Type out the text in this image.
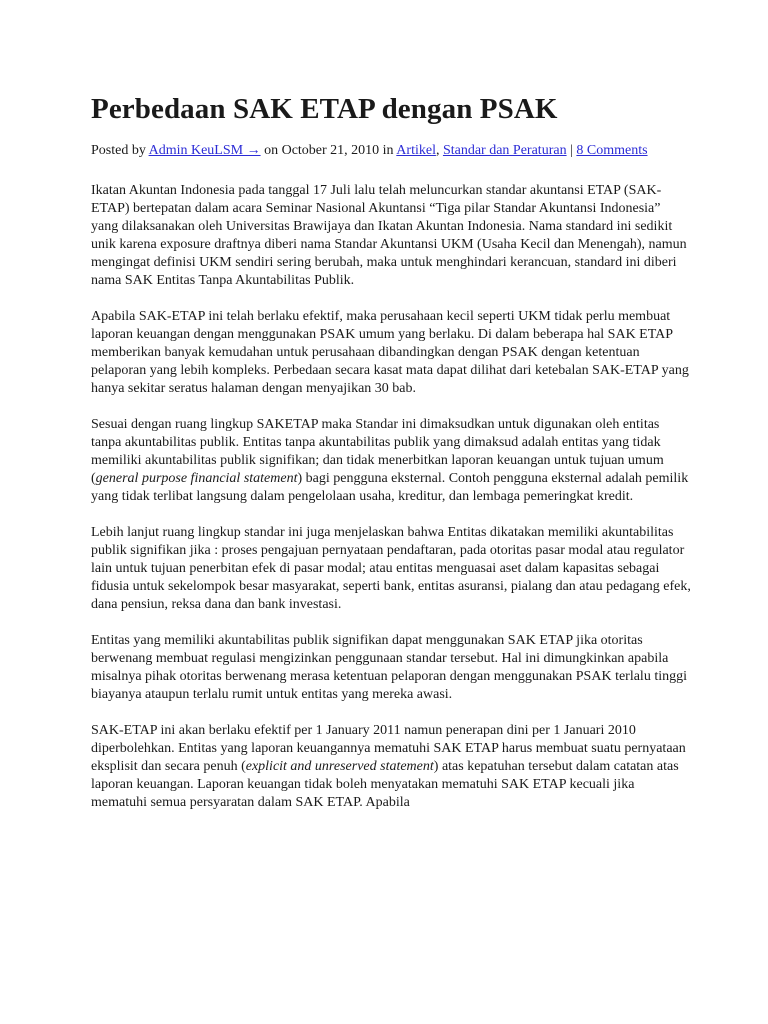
Perbedaan SAK ETAP dengan PSAK
Posted by Admin KeuLSM → on October 21, 2010 in Artikel, Standar dan Peraturan | 8 Comments

Ikatan Akuntan Indonesia pada tanggal 17 Juli lalu telah meluncurkan standar akuntansi ETAP (SAK-ETAP) bertepatan dalam acara Seminar Nasional Akuntansi “Tiga pilar Standar Akuntansi Indonesia” yang dilaksanakan oleh Universitas Brawijaya dan Ikatan Akuntan Indonesia. Nama standard ini sedikit unik karena exposure draftnya diberi nama Standar Akuntansi UKM (Usaha Kecil dan Menengah), namun mengingat definisi UKM sendiri sering berubah, maka untuk menghindari kerancuan, standard ini diberi nama SAK Entitas Tanpa Akuntabilitas Publik.

Apabila SAK-ETAP ini telah berlaku efektif, maka perusahaan kecil seperti UKM tidak perlu membuat laporan keuangan dengan menggunakan PSAK umum yang berlaku. Di dalam beberapa hal SAK ETAP memberikan banyak kemudahan untuk perusahaan dibandingkan dengan PSAK dengan ketentuan pelaporan yang lebih kompleks. Perbedaan secara kasat mata dapat dilihat dari ketebalan SAK-ETAP yang hanya sekitar seratus halaman dengan menyajikan 30 bab.

Sesuai dengan ruang lingkup SAKETAP maka Standar ini dimaksudkan untuk digunakan oleh entitas tanpa akuntabilitas publik. Entitas tanpa akuntabilitas publik yang dimaksud adalah entitas yang tidak memiliki akuntabilitas publik signifikan; dan tidak menerbitkan laporan keuangan untuk tujuan umum (general purpose financial statement) bagi pengguna eksternal. Contoh pengguna eksternal adalah pemilik yang tidak terlibat langsung dalam pengelolaan usaha, kreditur, dan lembaga pemeringkat kredit.

Lebih lanjut ruang lingkup standar ini juga menjelaskan bahwa Entitas dikatakan memiliki akuntabilitas publik signifikan jika : proses pengajuan pernyataan pendaftaran, pada otoritas pasar modal atau regulator lain untuk tujuan penerbitan efek di pasar modal; atau entitas menguasai aset dalam kapasitas sebagai fidusia untuk sekelompok besar masyarakat, seperti bank, entitas asuransi, pialang dan atau pedagang efek, dana pensiun, reksa dana dan bank investasi.

Entitas yang memiliki akuntabilitas publik signifikan dapat menggunakan SAK ETAP jika otoritas berwenang membuat regulasi mengizinkan penggunaan standar tersebut. Hal ini dimungkinkan apabila misalnya pihak otoritas berwenang merasa ketentuan pelaporan dengan menggunakan PSAK terlalu tinggi biayanya ataupun terlalu rumit untuk entitas yang mereka awasi.

SAK-ETAP ini akan berlaku efektif per 1 January 2011 namun penerapan dini per 1 Januari 2010 diperbolehkan. Entitas yang laporan keuangannya mematuhi SAK ETAP harus membuat suatu pernyataan eksplisit dan secara penuh (explicit and unreserved statement) atas kepatuhan tersebut dalam catatan atas laporan keuangan. Laporan keuangan tidak boleh menyatakan mematuhi SAK ETAP kecuali jika mematuhi semua persyaratan dalam SAK ETAP. Apabila
